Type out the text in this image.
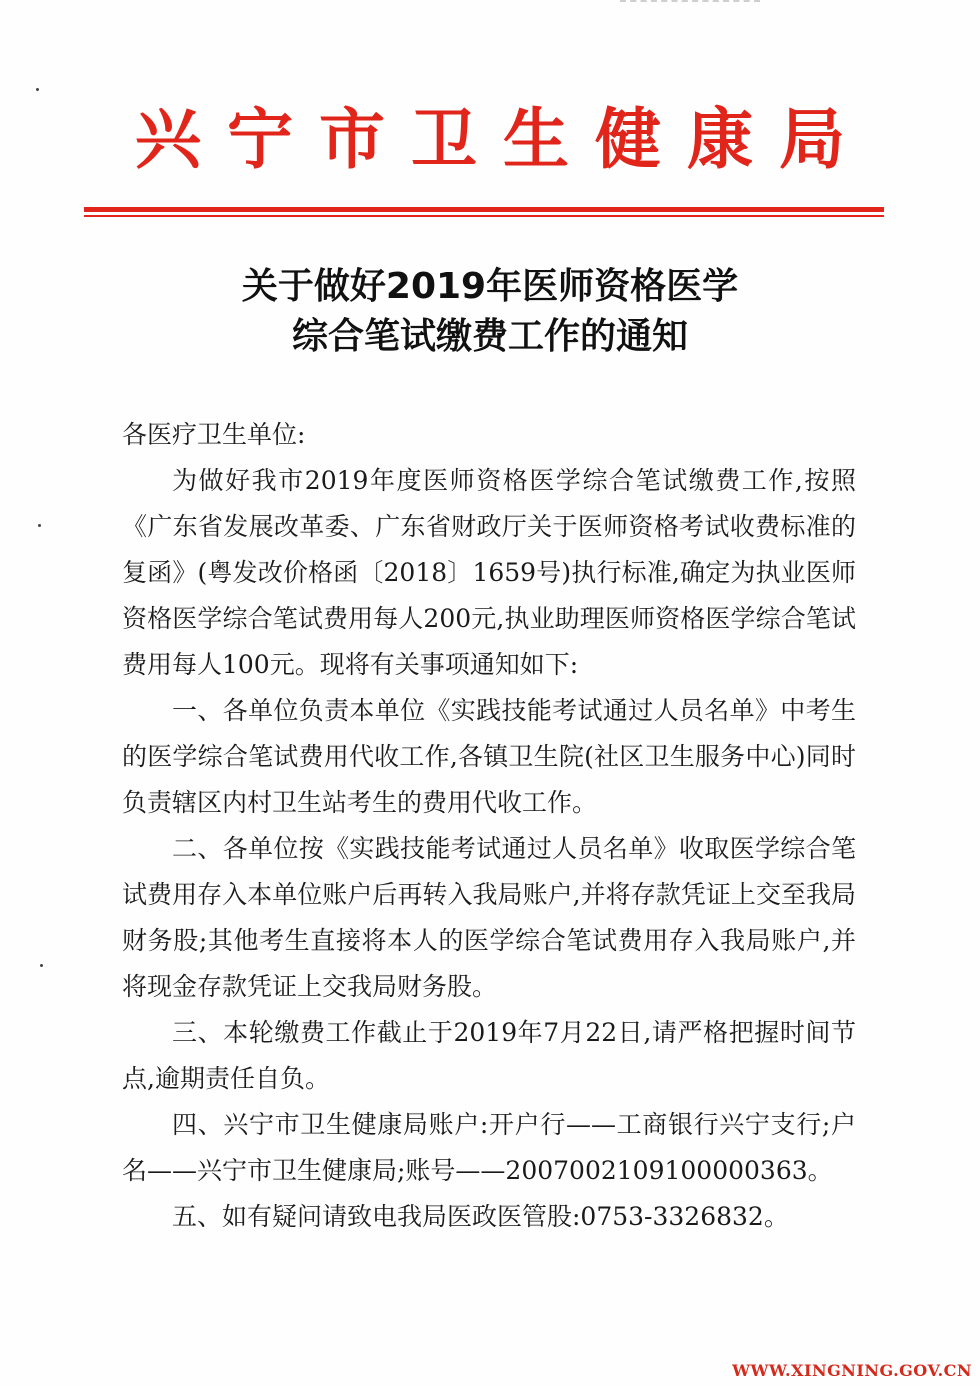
兴宁市卫生健康局
关于做好2019年医师资格医学
综合笔试缴费工作的通知

各医疗卫生单位:

为做好我市2019年度医师资格医学综合笔试缴费工作,按照《广东省发展改革委、广东省财政厅关于医师资格考试收费标准的复函》(粤发改价格函〔2018〕1659号)执行标准,确定为执业医师资格医学综合笔试费用每人200元,执业助理医师资格医学综合笔试费用每人100元。现将有关事项通知如下:

一、各单位负责本单位《实践技能考试通过人员名单》中考生的医学综合笔试费用代收工作,各镇卫生院(社区卫生服务中心)同时负责辖区内村卫生站考生的费用代收工作。

二、各单位按《实践技能考试通过人员名单》收取医学综合笔试费用存入本单位账户后再转入我局账户,并将存款凭证上交至我局财务股;其他考生直接将本人的医学综合笔试费用存入我局账户,并将现金存款凭证上交我局财务股。

三、本轮缴费工作截止于2019年7月22日,请严格把握时间节点,逾期责任自负。

四、兴宁市卫生健康局账户:开户行——工商银行兴宁支行;户名——兴宁市卫生健康局;账号——2007002109100000363。

五、如有疑问请致电我局医政医管股:0753-3326832。

WWW.XINGNING.GOV.CN
